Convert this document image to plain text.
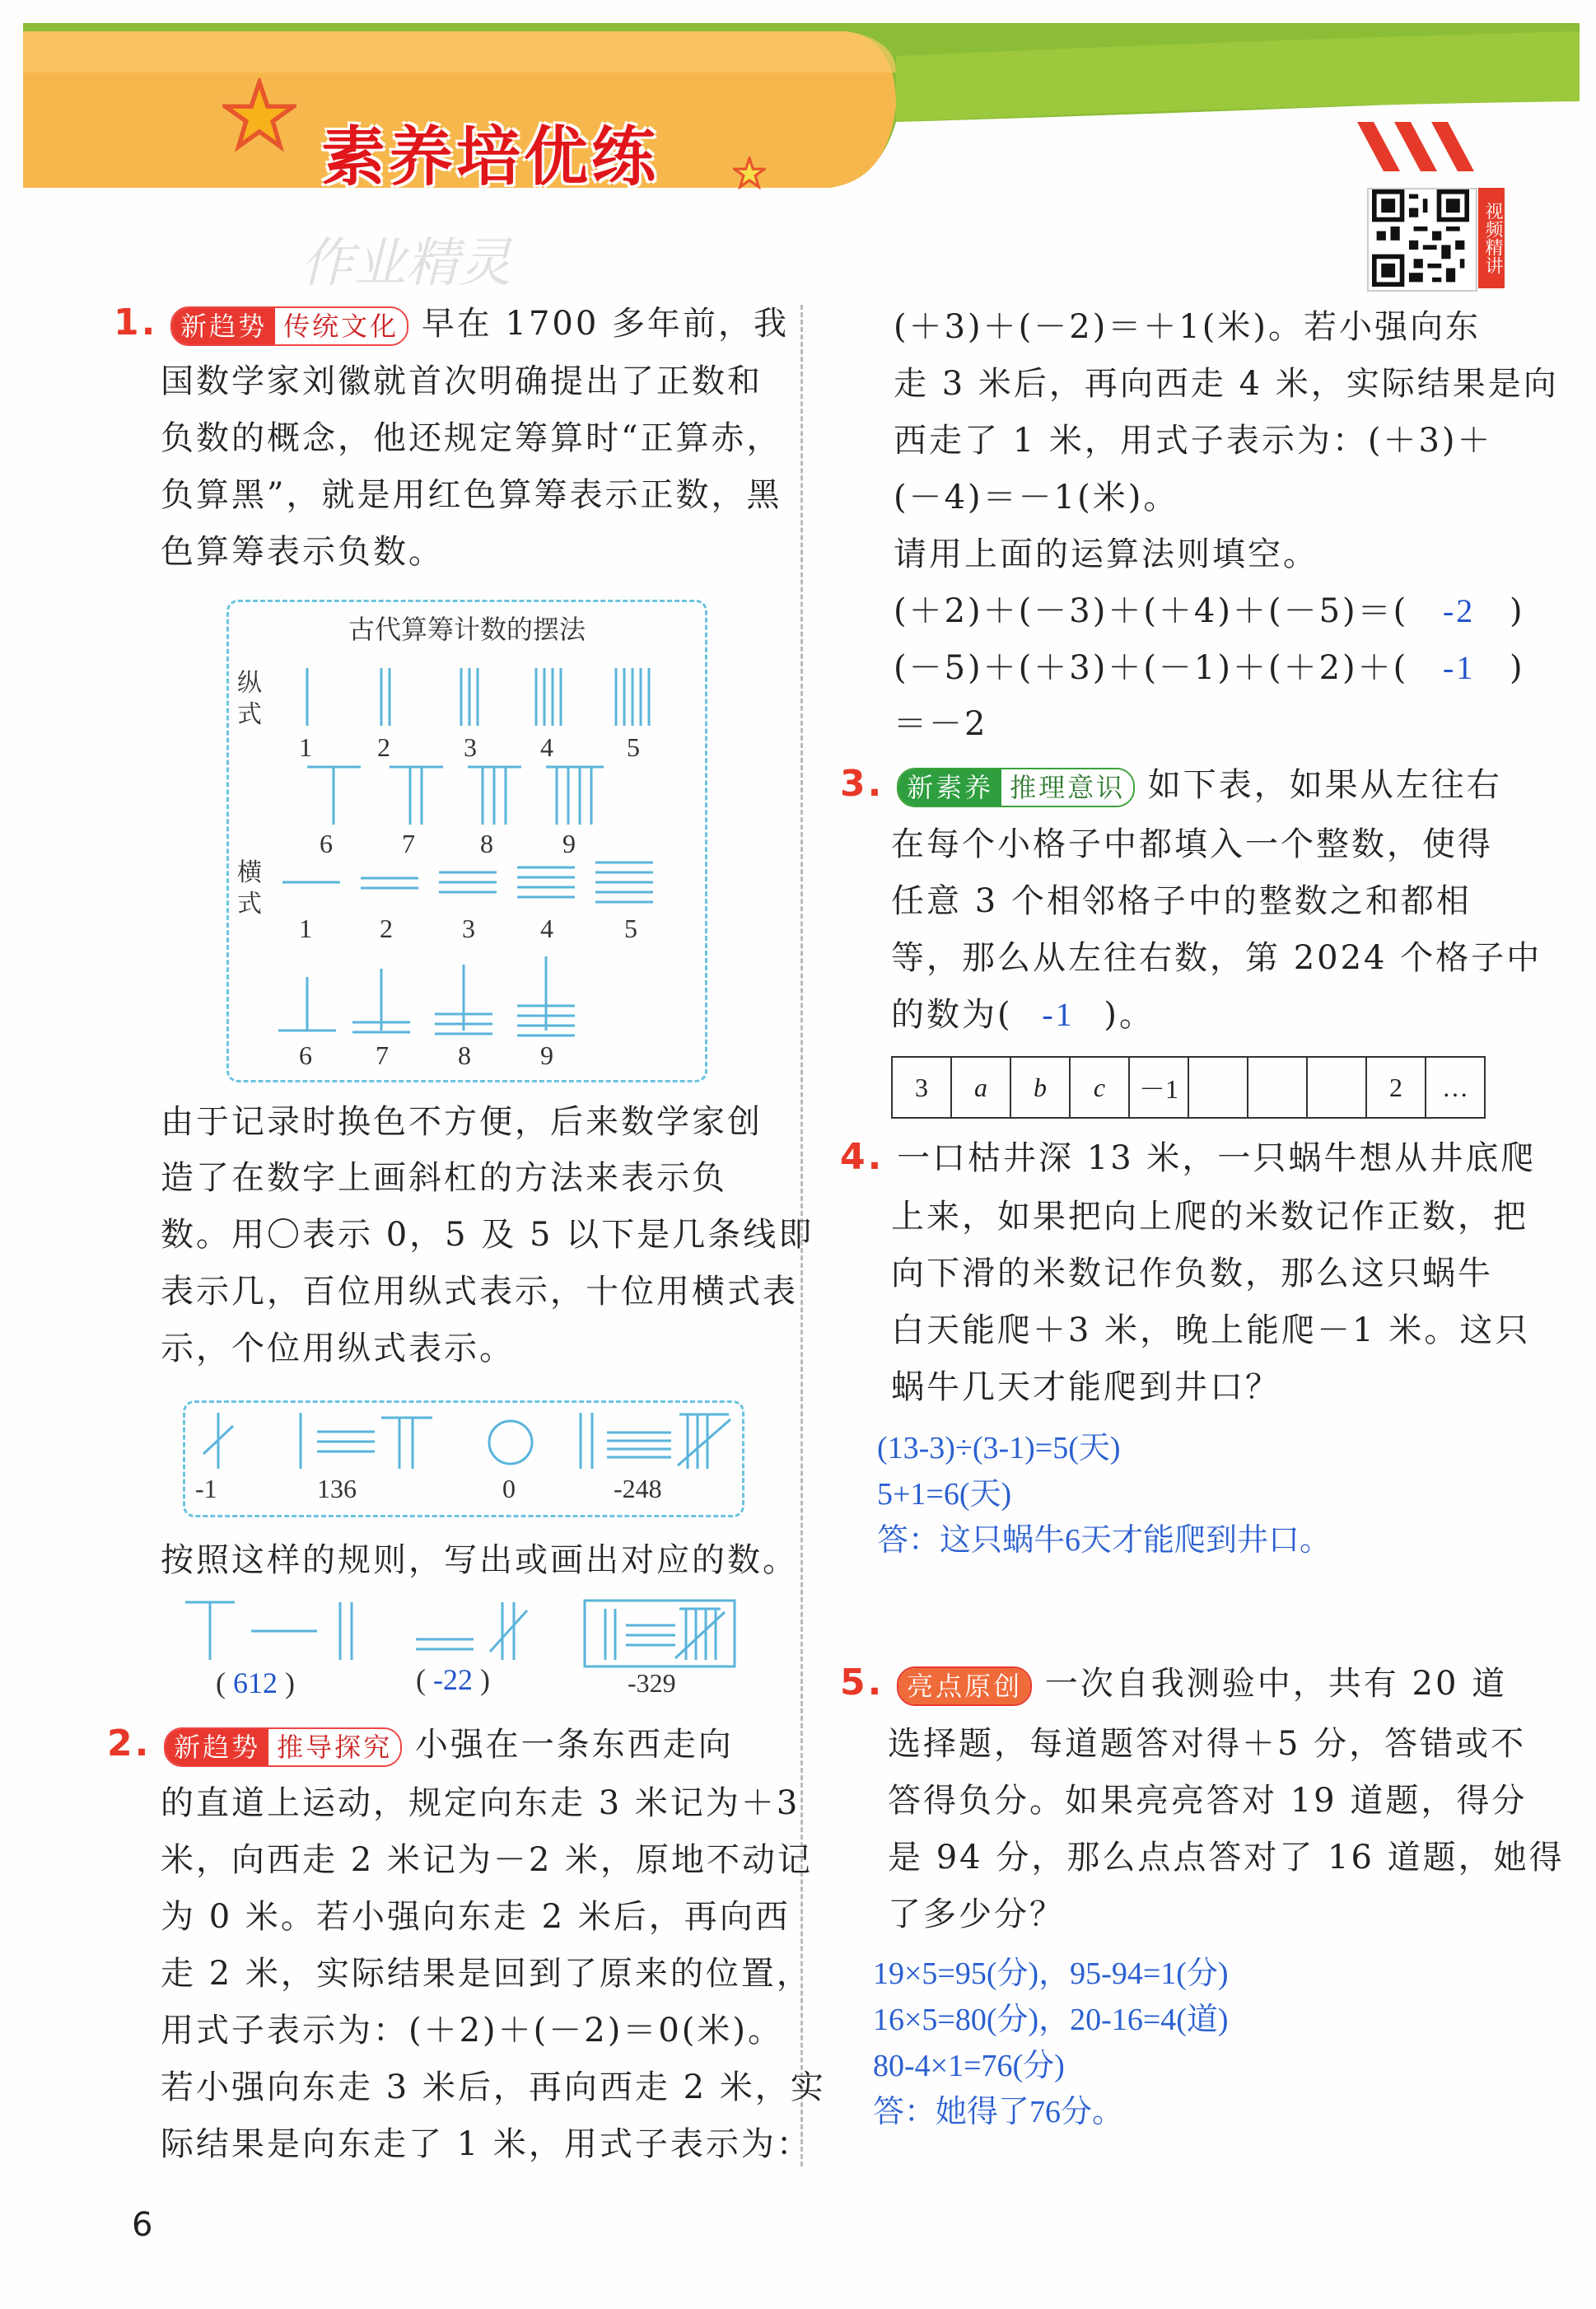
素养培优练
视频精讲
作业精灵
1. 新趋势 传统文化 早在 1700 多年前，我
国数学家刘徽就首次明确提出了正数和
负数的概念，他还规定筹算时“正算赤，
负算黑”，就是用红色算筹表示正数，黑
色算筹表示负数。
古代算筹计数的摆法
纵式
横式
1 2	3 4	5
6	7 8	9
1	2	3 4	5
6 7	8	9
由于记录时换色不方便，后来数学家创
造了在数字上画斜杠的方法来表示负
数。用〇表示 0，5 及 5 以下是几条线即
表示几，百位用纵式表示，十位用横式表
示，个位用纵式表示。
-1	136	0	-248
按照这样的规则，写出或画出对应的数。
( 612 )	( -22 )	-329
2. 新趋势 推导探究 小强在一条东西走向
的直道上运动，规定向东走 3 米记为＋3
米，向西走 2 米记为－2 米，原地不动记
为 0 米。若小强向东走 2 米后，再向西
走 2 米，实际结果是回到了原来的位置，
用式子表示为：(＋2)＋(－2)＝0(米)。
若小强向东走 3 米后，再向西走 2 米，实
际结果是向东走了 1 米，用式子表示为：
(＋3)＋(－2)＝＋1(米)。若小强向东
走 3 米后，再向西走 4 米，实际结果是向
西走了 1 米，用式子表示为：(＋3)＋
(－4)＝－1(米)。
请用上面的运算法则填空。
(＋2)＋(－3)＋(＋4)＋(－5)＝( -2 )
(－5)＋(＋3)＋(－1)＋(＋2)＋( -1 )
＝－2
3. 新素养 推理意识 如下表，如果从左往右
在每个小格子中都填入一个整数，使得
任意 3 个相邻格子中的整数之和都相
等，那么从左往右数，第 2024 个格子中
的数为( -1 )。
3	a	b	c	－1				2	…
4. 一口枯井深 13 米，一只蜗牛想从井底爬
上来，如果把向上爬的米数记作正数，把
向下滑的米数记作负数，那么这只蜗牛
白天能爬＋3 米，晚上能爬－1 米。这只
蜗牛几天才能爬到井口？
(13-3)÷(3-1)=5(天)
5+1=6(天)
答：这只蜗牛6天才能爬到井口。
5. 亮点原创 一次自我测验中，共有 20 道
选择题，每道题答对得＋5 分，答错或不
答得负分。如果亮亮答对 19 道题，得分
是 94 分，那么点点答对了 16 道题，她得
了多少分？
19×5=95(分)，95-94=1(分)
16×5=80(分)，20-16=4(道)
80-4×1=76(分)
答：她得了76分。
6
